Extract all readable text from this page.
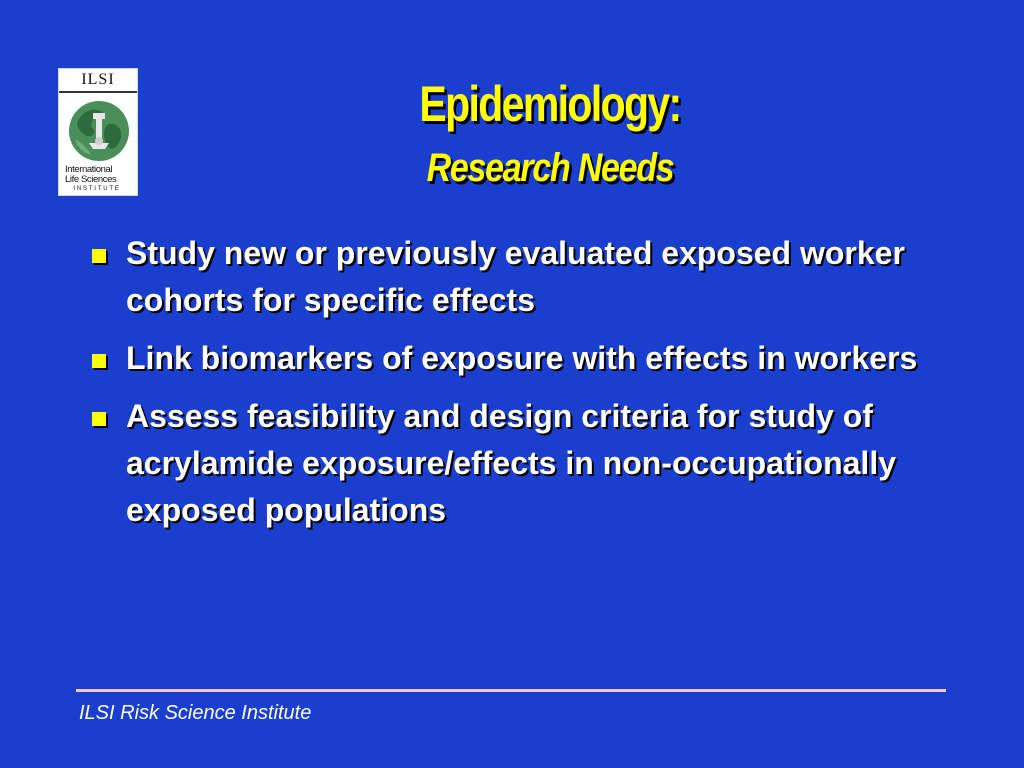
ILSI
International
Life Sciences
INSTITUTE
Epidemiology:
Research Needs
Study new or previously evaluated exposed worker cohorts for specific effects
Link biomarkers of exposure with effects in workers
Assess feasibility and design criteria for study of acrylamide exposure/effects in non-occupationally exposed populations
ILSI Risk Science Institute
